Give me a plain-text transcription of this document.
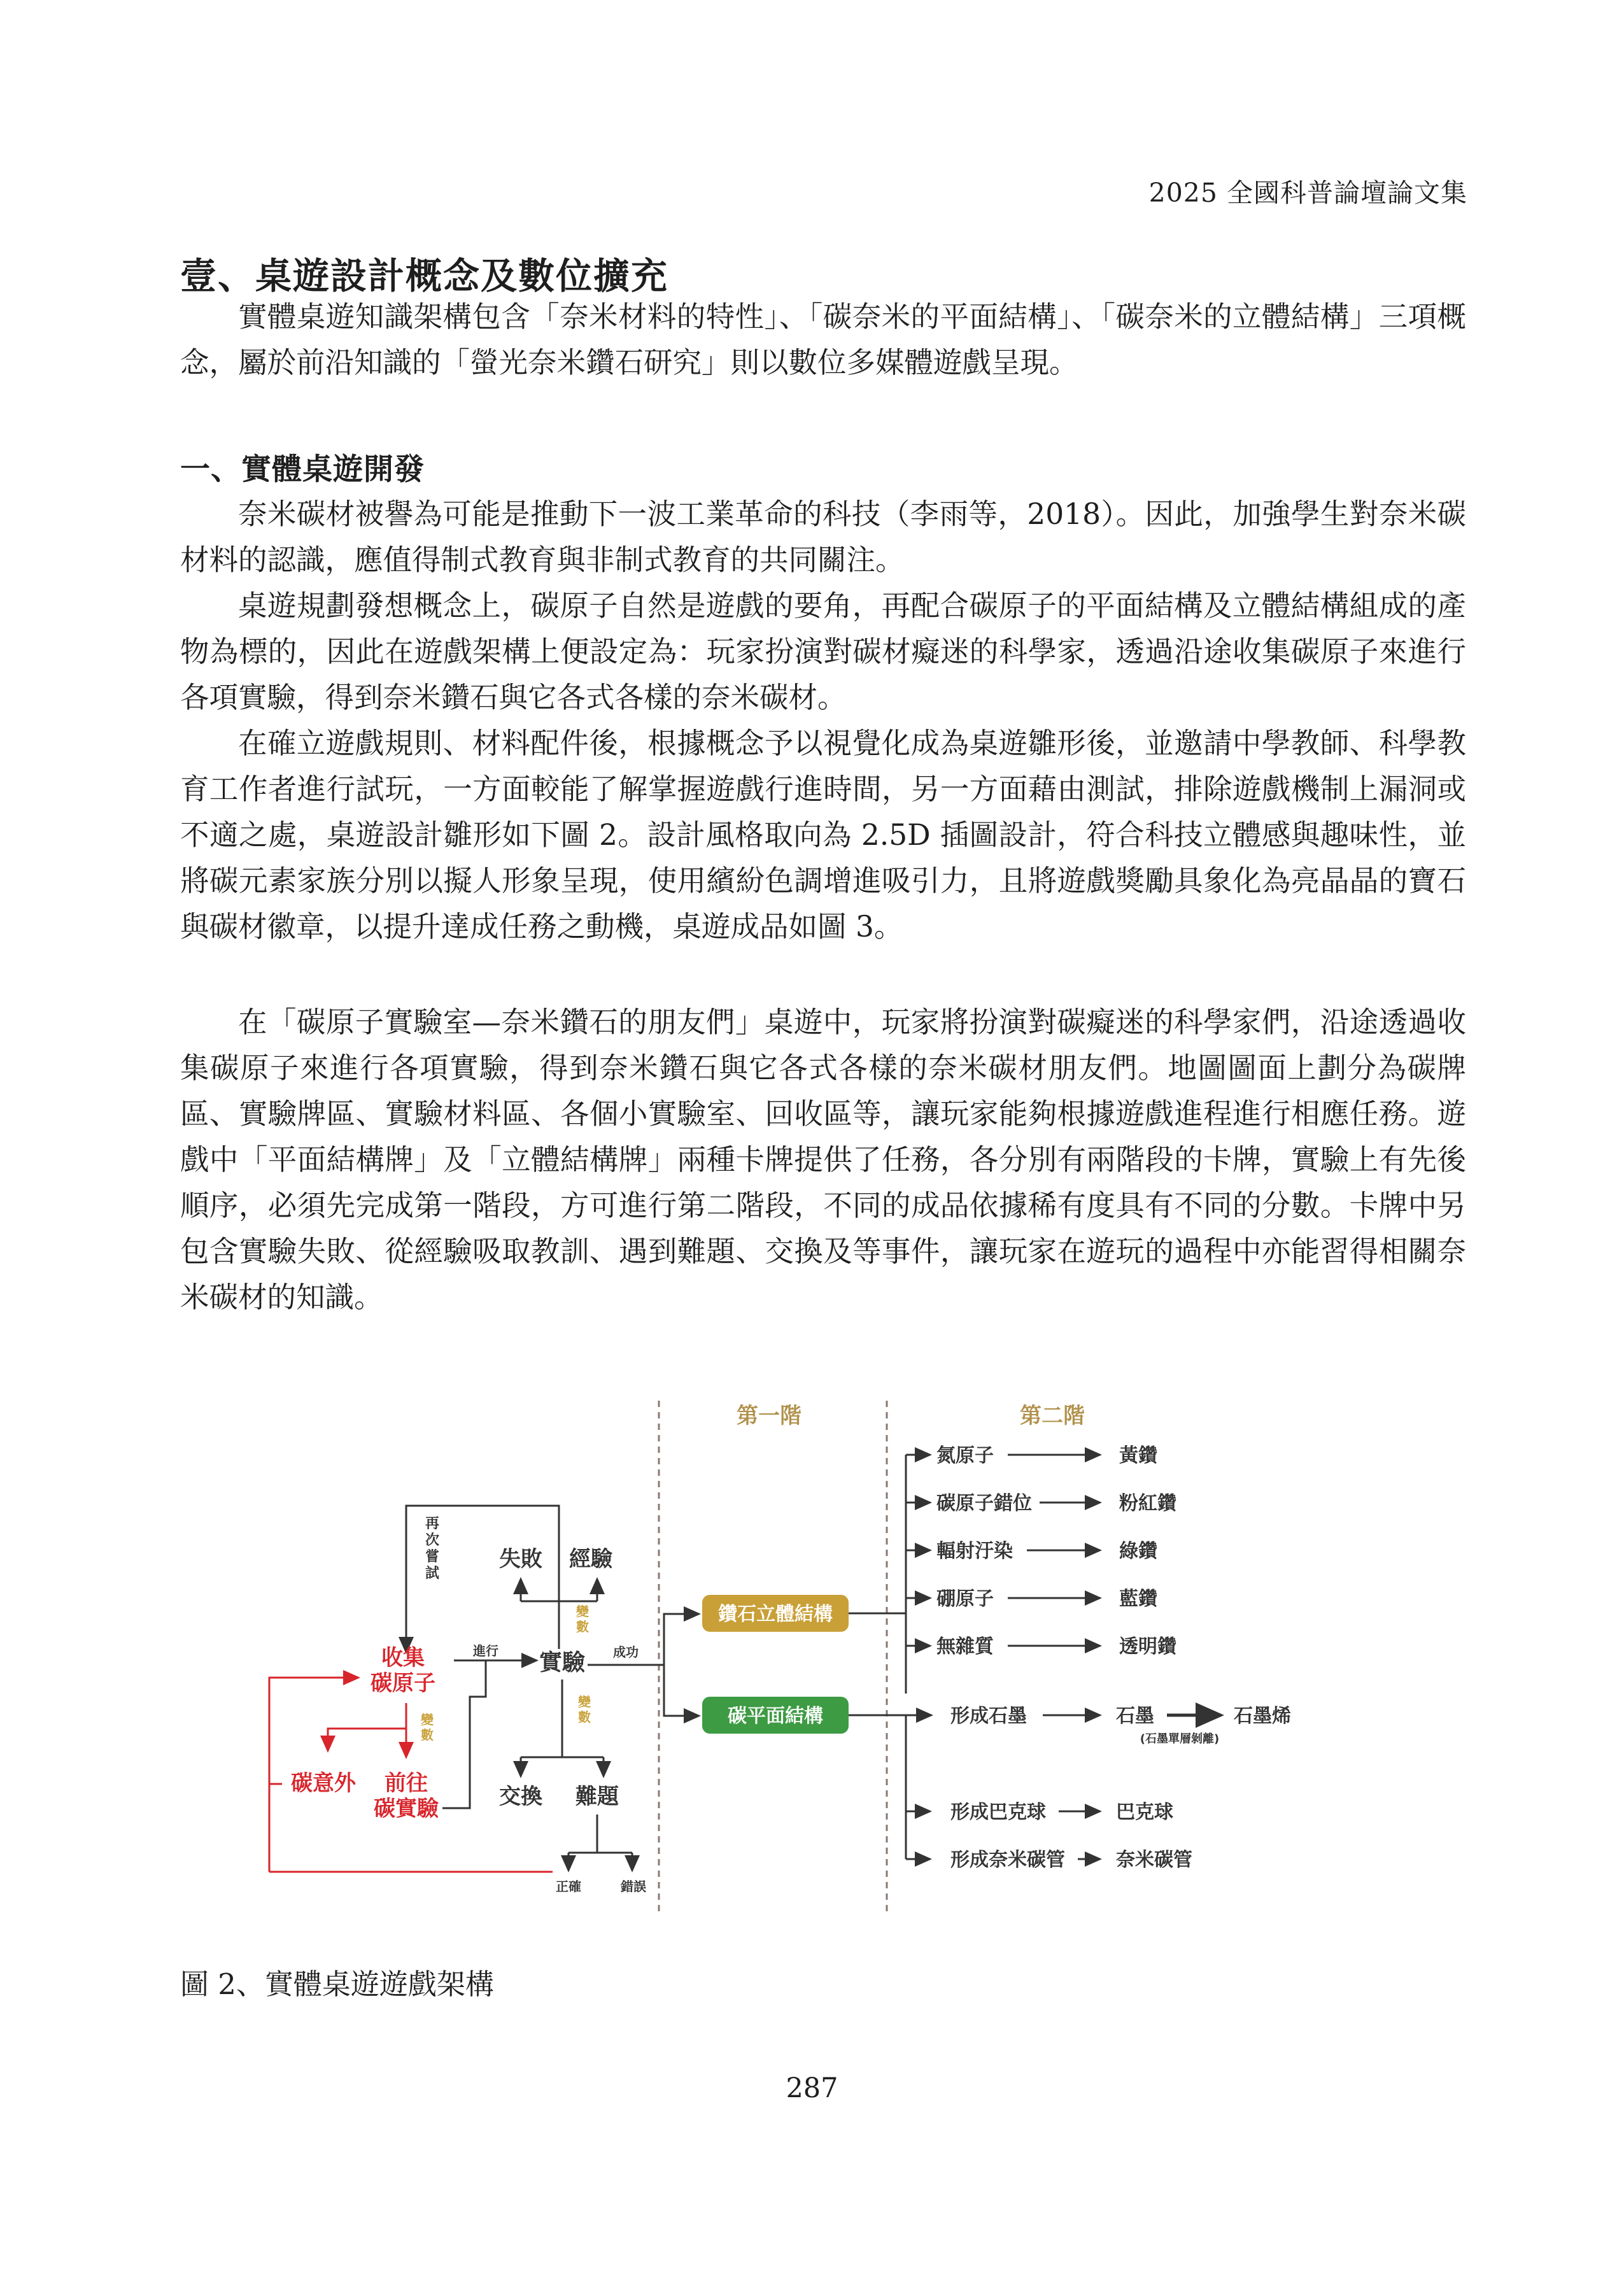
2025 全國科普論壇論文集
壹、桌遊設計概念及數位擴充

實體桌遊知識架構包含「奈米材料的特性」、「碳奈米的平面結構」、「碳奈米的立體結構」三項概念，屬於前沿知識的「螢光奈米鑽石研究」則以數位多媒體遊戲呈現。

一、實體桌遊開發

奈米碳材被譽為可能是推動下一波工業革命的科技（李雨等，2018）。因此，加強學生對奈米碳材料的認識，應值得制式教育與非制式教育的共同關注。

桌遊規劃發想概念上，碳原子自然是遊戲的要角，再配合碳原子的平面結構及立體結構組成的產物為標的，因此在遊戲架構上便設定為：玩家扮演對碳材癡迷的科學家，透過沿途收集碳原子來進行各項實驗，得到奈米鑽石與它各式各樣的奈米碳材。

在確立遊戲規則、材料配件後，根據概念予以視覺化成為桌遊雛形後，並邀請中學教師、科學教育工作者進行試玩，一方面較能了解掌握遊戲行進時間，另一方面藉由測試，排除遊戲機制上漏洞或不適之處，桌遊設計雛形如下圖 2。設計風格取向為 2.5D 插圖設計，符合科技立體感與趣味性，並將碳元素家族分別以擬人形象呈現，使用繽紛色調增進吸引力，且將遊戲獎勵具象化為亮晶晶的寶石與碳材徽章，以提升達成任務之動機，桌遊成品如圖 3。

在「碳原子實驗室—奈米鑽石的朋友們」桌遊中，玩家將扮演對碳癡迷的科學家們，沿途透過收集碳原子來進行各項實驗，得到奈米鑽石與它各式各樣的奈米碳材朋友們。地圖圖面上劃分為碳牌區、實驗牌區、實驗材料區、各個小實驗室、回收區等，讓玩家能夠根據遊戲進程進行相應任務。遊戲中「平面結構牌」及「立體結構牌」兩種卡牌提供了任務，各分別有兩階段的卡牌，實驗上有先後順序，必須先完成第一階段，方可進行第二階段，不同的成品依據稀有度具有不同的分數。卡牌中另包含實驗失敗、從經驗吸取教訓、遇到難題、交換及等事件，讓玩家在遊玩的過程中亦能習得相關奈米碳材的知識。

第一階	第二階
再次嘗試
失敗 經驗
變數
實驗
進行	成功
變數
交換 難題
正確	錯誤
收集碳原子
變數
碳意外	前往碳實驗
鑽石立體結構
碳平面結構
氮原子	黃鑽
碳原子錯位	粉紅鑽
輻射汙染	綠鑽
硼原子	藍鑽
無雜質	透明鑽
形成石墨	石墨	石墨烯
(石墨單層剝離)
形成巴克球	巴克球
形成奈米碳管	奈米碳管
圖 2、實體桌遊遊戲架構
287
